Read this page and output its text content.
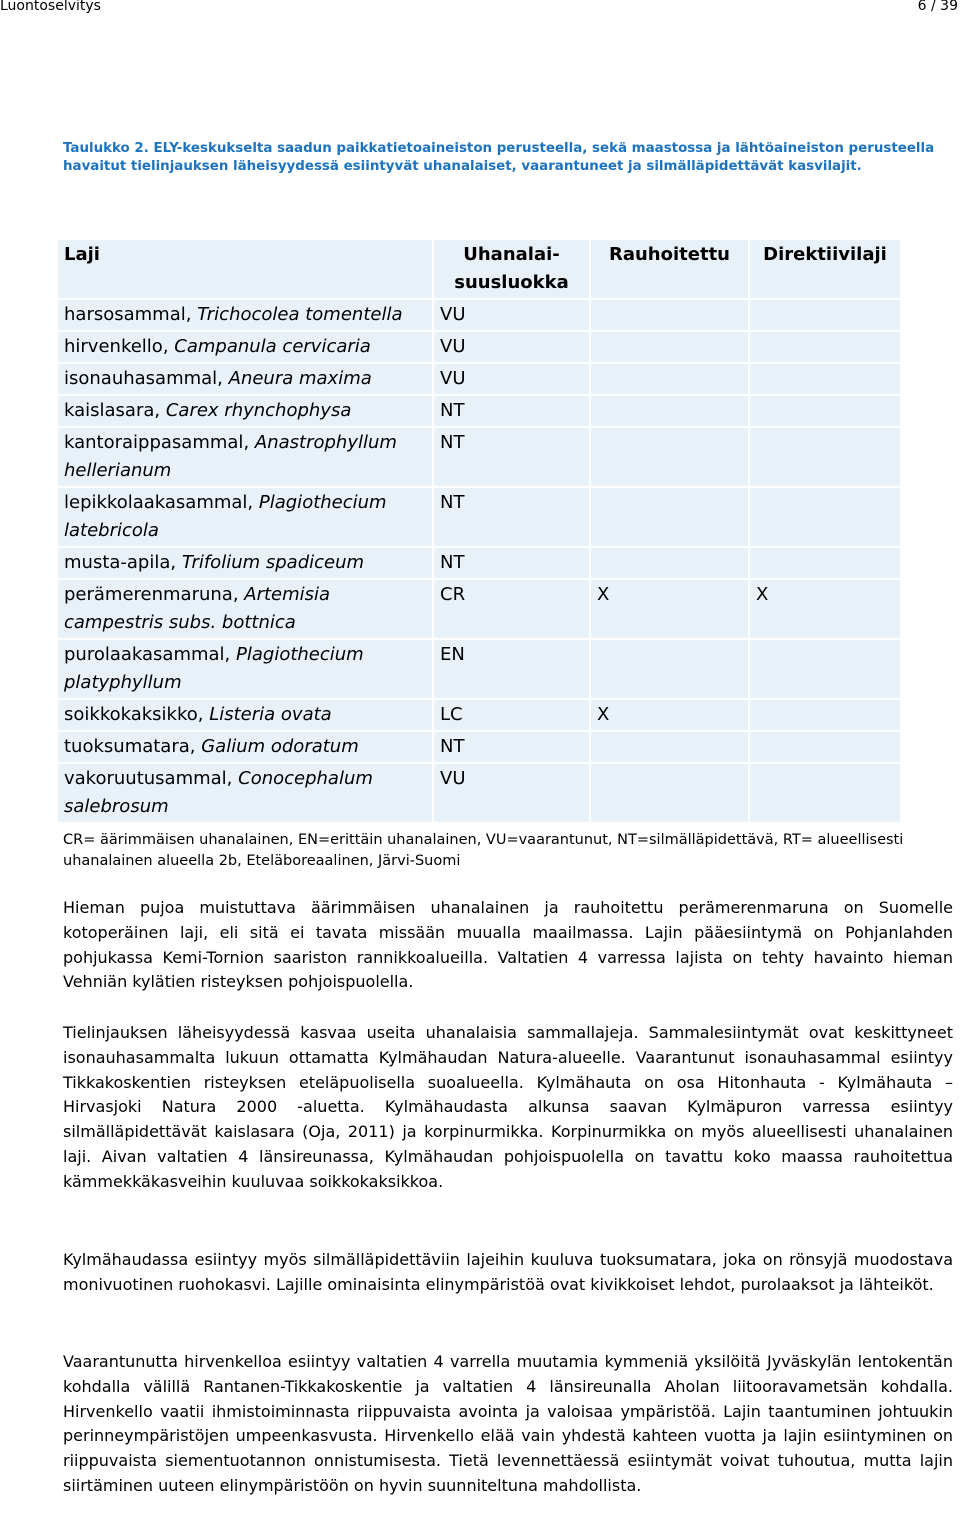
Luontoselvitys	6 / 39
Taulukko 2. ELY-keskukselta saadun paikkatietoaineiston perusteella, sekä maastossa ja lähtöaineiston perusteella havaitut tielinjauksen läheisyydessä esiintyvät uhanalaiset, vaarantuneet ja silmälläpidettävät kasvilajit.
Laji	Uhanalai-suusluokka	Rauhoitettu	Direktiivilaji
harsosammal, Trichocolea tomentella	VU		
hirvenkello, Campanula cervicaria	VU		
isonauhasammal, Aneura maxima	VU		
kaislasara, Carex rhynchophysa	NT		
kantoraippasammal, Anastrophyllum hellerianum	NT		
lepikkolaakasammal, Plagiothecium latebricola	NT		
musta-apila, Trifolium spadiceum	NT		
perämerenmaruna, Artemisia campestris subs. bottnica	CR	X	X
purolaakasammal, Plagiothecium platyphyllum	EN		
soikkokaksikko, Listeria ovata	LC	X	
tuoksumatara, Galium odoratum	NT		
vakoruutusammal, Conocephalum salebrosum	VU		
CR= äärimmäisen uhanalainen, EN=erittäin uhanalainen, VU=vaarantunut, NT=silmälläpidettävä, RT= alueellisesti uhanalainen alueella 2b, Eteläboreaalinen, Järvi-Suomi
Hieman pujoa muistuttava äärimmäisen uhanalainen ja rauhoitettu perämerenmaruna on Suomelle kotoperäinen laji, eli sitä ei tavata missään muualla maailmassa. Lajin pääesiintymä on Pohjanlahden pohjukassa Kemi-Tornion saariston rannikkoalueilla. Valtatien 4 varressa lajista on tehty havainto hieman Vehniän kylätien risteyksen pohjoispuolella.
Tielinjauksen läheisyydessä kasvaa useita uhanalaisia sammallajeja. Sammalesiintymät ovat keskittyneet isonauhasammalta lukuun ottamatta Kylmähaudan Natura-alueelle. Vaarantunut isonauhasammal esiintyy Tikkakoskentien risteyksen eteläpuolisella suoalueella. Kylmähauta on osa Hitonhauta - Kylmähauta – Hirvasjoki Natura 2000 -aluetta. Kylmähaudasta alkunsa saavan Kylmäpuron varressa esiintyy silmälläpidettävät kaislasara (Oja, 2011) ja korpinurmikka. Korpinurmikka on myös alueellisesti uhanalainen laji. Aivan valtatien 4 länsireunassa, Kylmähaudan pohjoispuolella on tavattu koko maassa rauhoitettua kämmekkäkasveihin kuuluvaa soikkokaksikkoa.
Kylmähaudassa esiintyy myös silmälläpidettäviin lajeihin kuuluva tuoksumatara, joka on rönsyjä muodostava monivuotinen ruohokasvi. Lajille ominaisinta elinympäristöä ovat kivikkoiset lehdot, purolaaksot ja lähteiköt.
Vaarantunutta hirvenkelloa esiintyy valtatien 4 varrella muutamia kymmeniä yksilöitä Jyväskylän lentokentän kohdalla välillä Rantanen-Tikkakoskentie ja valtatien 4 länsireunalla Aholan liitooravametsän kohdalla. Hirvenkello vaatii ihmistoiminnasta riippuvaista avointa ja valoisaa ympäristöä. Lajin taantuminen johtuukin perinneympäristöjen umpeenkasvusta. Hirvenkello elää vain yhdestä kahteen vuotta ja lajin esiintyminen on riippuvaista siementuotannon onnistumisesta. Tietä levennettäessä esiintymät voivat tuhoutua, mutta lajin siirtäminen uuteen elinympäristöön on hyvin suunniteltuna mahdollista.
